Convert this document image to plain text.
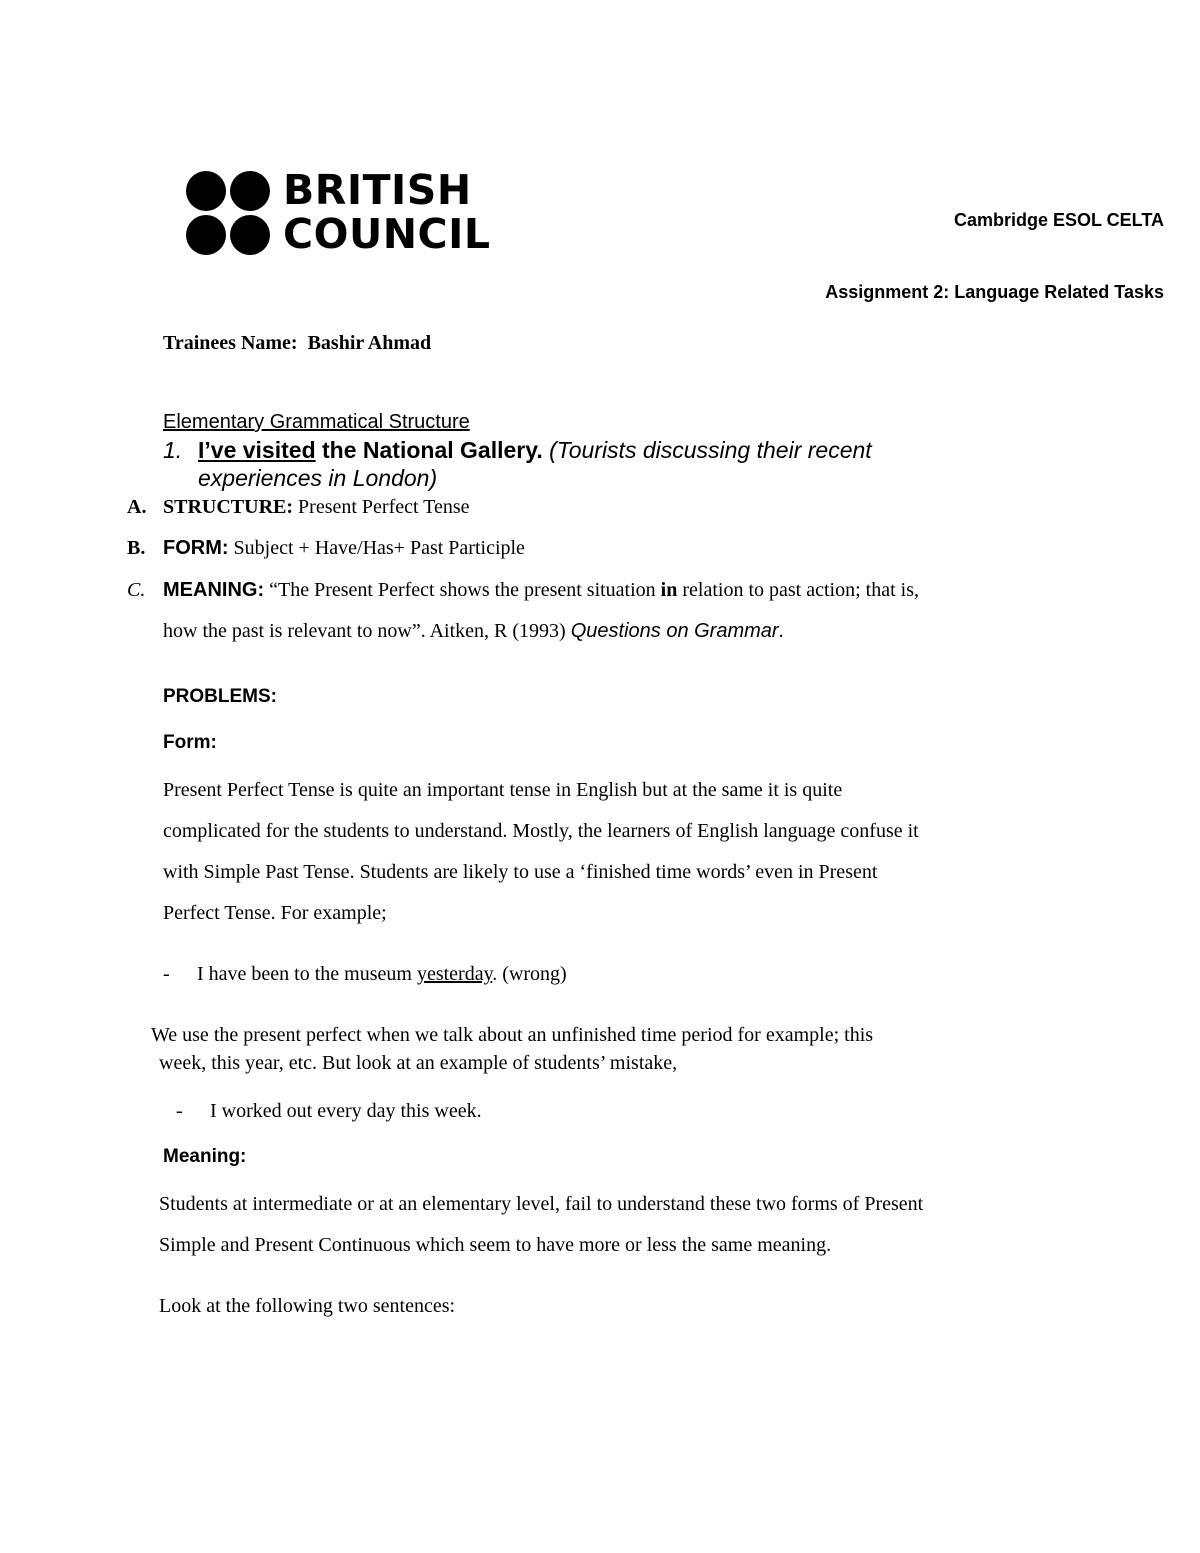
BRITISH
COUNCIL	Cambridge ESOL CELTA
Assignment 2: Language Related Tasks
Trainees Name: Bashir Ahmad
Elementary Grammatical Structure
1. I’ve visited the National Gallery. (Tourists discussing their recent
experiences in London)
A. STRUCTURE: Present Perfect Tense
B. FORM: Subject + Have/Has+ Past Participle
C. MEANING: “The Present Perfect shows the present situation in relation to past action; that is,
how the past is relevant to now”. Aitken, R (1993) Questions on Grammar.
PROBLEMS:
Form:
Present Perfect Tense is quite an important tense in English but at the same it is quite
complicated for the students to understand. Mostly, the learners of English language confuse it
with Simple Past Tense. Students are likely to use a ‘finished time words’ even in Present
Perfect Tense. For example;
- I have been to the museum yesterday. (wrong)
We use the present perfect when we talk about an unfinished time period for example; this
week, this year, etc. But look at an example of students’ mistake,
- I worked out every day this week.
Meaning:
Students at intermediate or at an elementary level, fail to understand these two forms of Present
Simple and Present Continuous which seem to have more or less the same meaning.
Look at the following two sentences:
